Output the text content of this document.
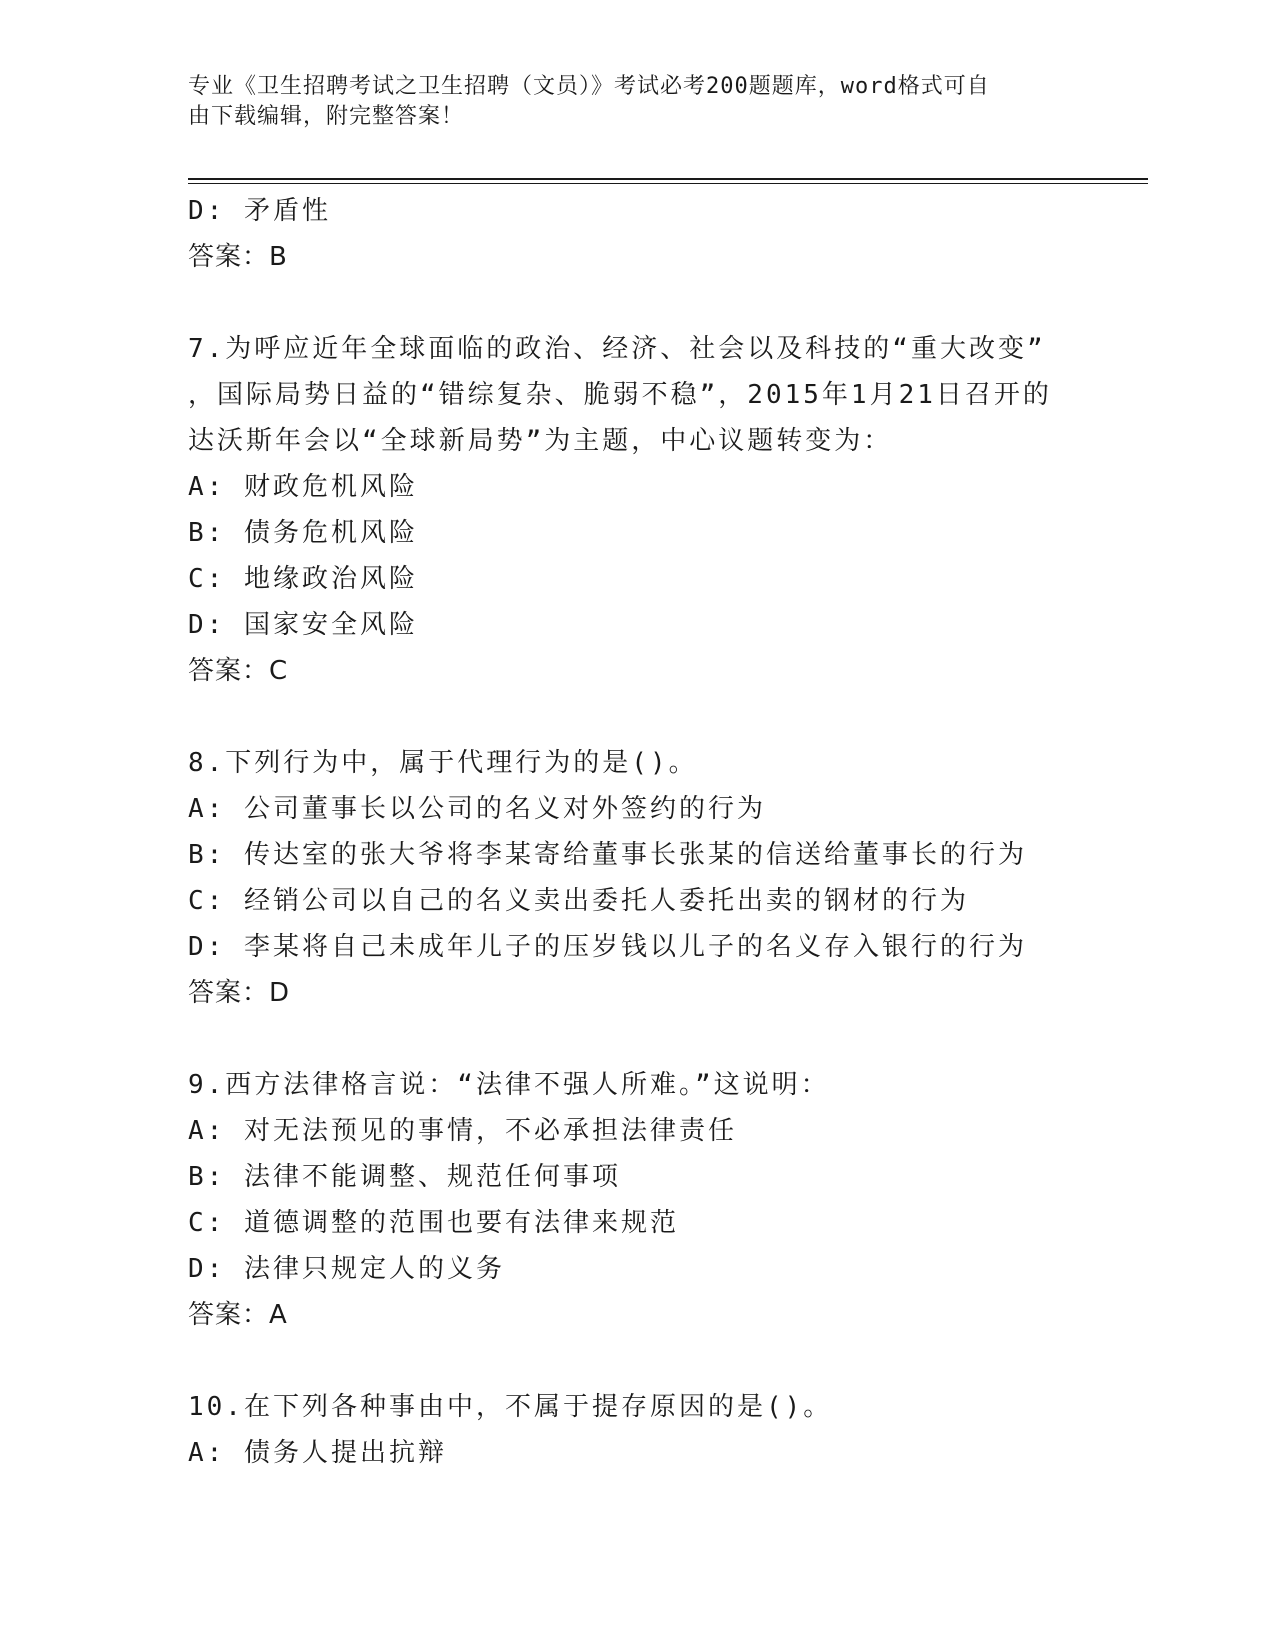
专业《卫生招聘考试之卫生招聘（文员）》考试必考200题题库，word格式可自
由下载编辑，附完整答案！
D: 矛盾性
答案：B
7.为呼应近年全球面临的政治、经济、社会以及科技的“重大改变”
，国际局势日益的“错综复杂、脆弱不稳”，2015年1月21日召开的
达沃斯年会以“全球新局势”为主题，中心议题转变为：
A: 财政危机风险
B: 债务危机风险
C: 地缘政治风险
D: 国家安全风险
答案：C
8.下列行为中，属于代理行为的是()。
A: 公司董事长以公司的名义对外签约的行为
B: 传达室的张大爷将李某寄给董事长张某的信送给董事长的行为
C: 经销公司以自己的名义卖出委托人委托出卖的钢材的行为
D: 李某将自己未成年儿子的压岁钱以儿子的名义存入银行的行为
答案：D
9.西方法律格言说：“法律不强人所难。”这说明：
A: 对无法预见的事情，不必承担法律责任
B: 法律不能调整、规范任何事项
C: 道德调整的范围也要有法律来规范
D: 法律只规定人的义务
答案：A
10.在下列各种事由中，不属于提存原因的是()。
A: 债务人提出抗辩
